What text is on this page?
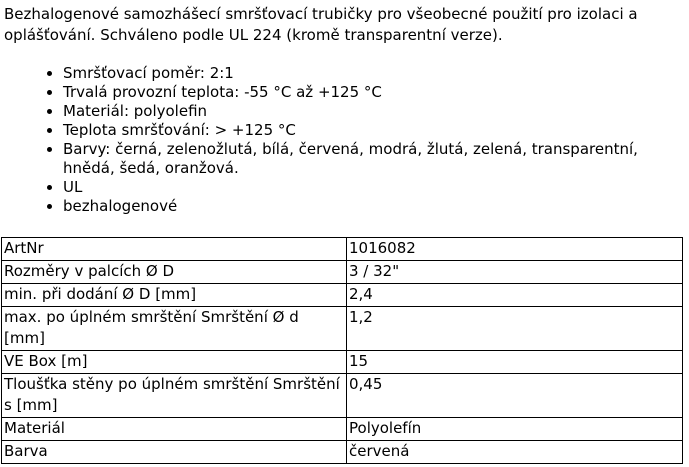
Bezhalogenové samozhášecí smršťovací trubičky pro všeobecné použití pro izolaci a oplášťování. Schváleno podle UL 224 (kromě transparentní verze).

• Smršťovací poměr: 2:1
• Trvalá provozní teplota: -55 °C až +125 °C
• Materiál: polyolefin
• Teplota smršťování: > +125 °C
• Barvy: černá, zelenožlutá, bílá, červená, modrá, žlutá, zelená, transparentní, hnědá, šedá, oranžová.
• UL
• bezhalogenové
ArtNr	1016082
Rozměry v palcích Ø D	3 / 32"
min. při dodání Ø D [mm]	2,4
max. po úplném smrštění Smrštění Ø d [mm]	1,2
VE Box [m]	15
Tloušťka stěny po úplném smrštění Smrštění s [mm]	0,45
Materiál	Polyolefín
Barva	červená
